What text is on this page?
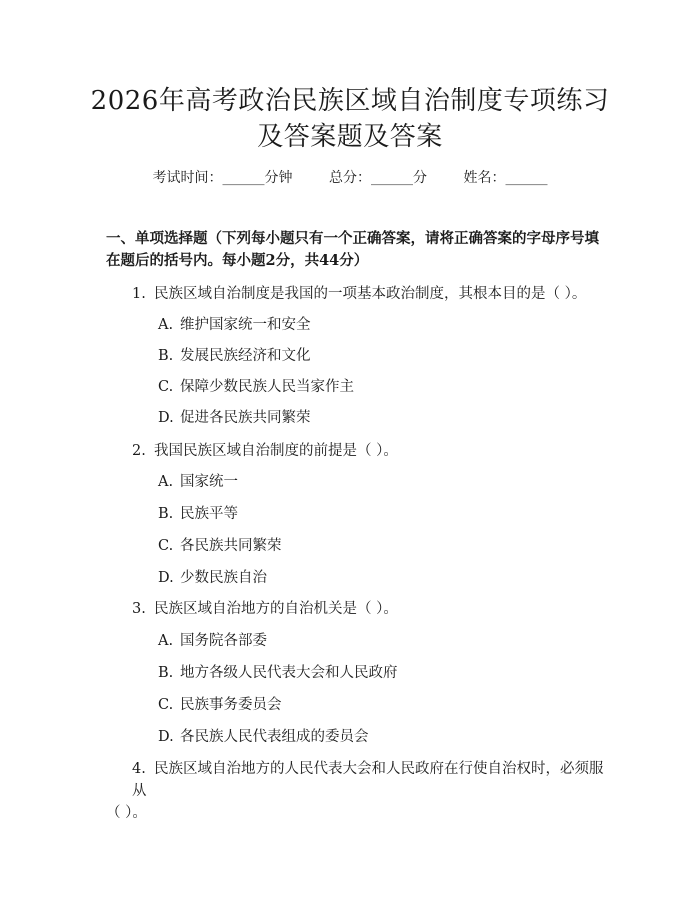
2026年高考政治民族区域自治制度专项练习
及答案题及答案
考试时间：______分钟	总分：______分	姓名：______
一、单项选择题（下列每小题只有一个正确答案，请将正确答案的字母序号填在题后的括号内。每小题2分，共44分）
1. 民族区域自治制度是我国的一项基本政治制度，其根本目的是（ ）。
A. 维护国家统一和安全
B. 发展民族经济和文化
C. 保障少数民族人民当家作主
D. 促进各民族共同繁荣
2. 我国民族区域自治制度的前提是（ ）。
A. 国家统一
B. 民族平等
C. 各民族共同繁荣
D. 少数民族自治
3. 民族区域自治地方的自治机关是（ ）。
A. 国务院各部委
B. 地方各级人民代表大会和人民政府
C. 民族事务委员会
D. 各民族人民代表组成的委员会
4. 民族区域自治地方的人民代表大会和人民政府在行使自治权时，必须服从
（ ）。
